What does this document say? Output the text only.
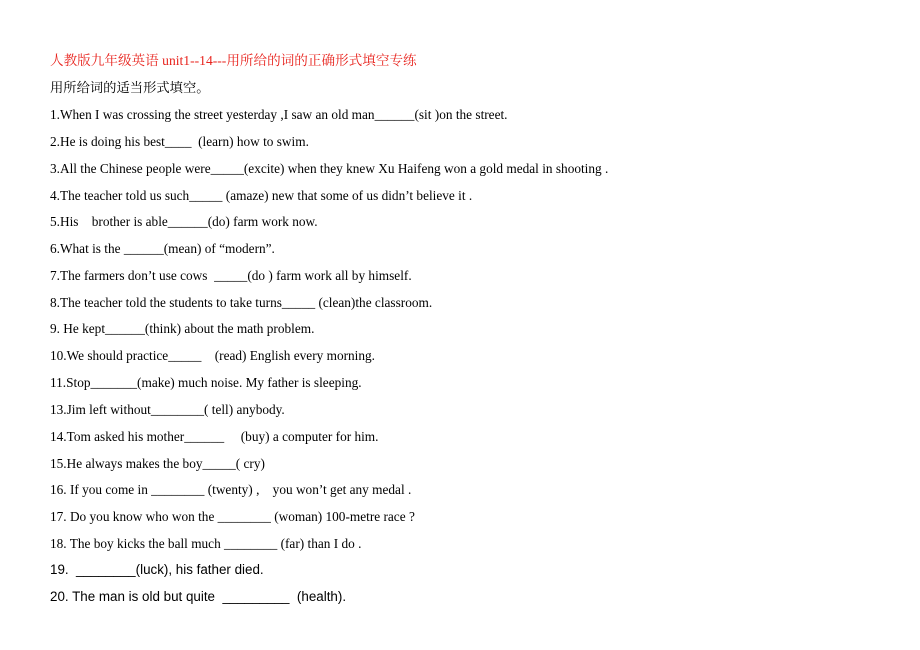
人教版九年级英语 unit1--14---用所给的词的正确形式填空专练
用所给词的适当形式填空。
1.When I was crossing the street yesterday ,I saw an old man______(sit )on the street.
2.He is doing his best____  (learn) how to swim.
3.All the Chinese people were_____(excite) when they knew Xu Haifeng won a gold medal in shooting .
4.The teacher told us such_____ (amaze) new that some of us didn’t believe it .
5.His    brother is able______(do) farm work now.
6.What is the ______(mean) of “modern”.
7.The farmers don’t use cows  _____(do ) farm work all by himself.
8.The teacher told the students to take turns_____ (clean)the classroom.
9. He kept______(think) about the math problem.
10.We should practice_____    (read) English every morning.
11.Stop_______(make) much noise. My father is sleeping.
13.Jim left without________( tell) anybody.
14.Tom asked his mother______     (buy) a computer for him.
15.He always makes the boy_____( cry)
16. If you come in ________ (twenty) ,    you won’t get any medal .
17. Do you know who won the ________ (woman) 100-metre race ?
18. The boy kicks the ball much ________ (far) than I do .
19.  ________(luck), his father died.
20. The man is old but quite  _________  (health).
